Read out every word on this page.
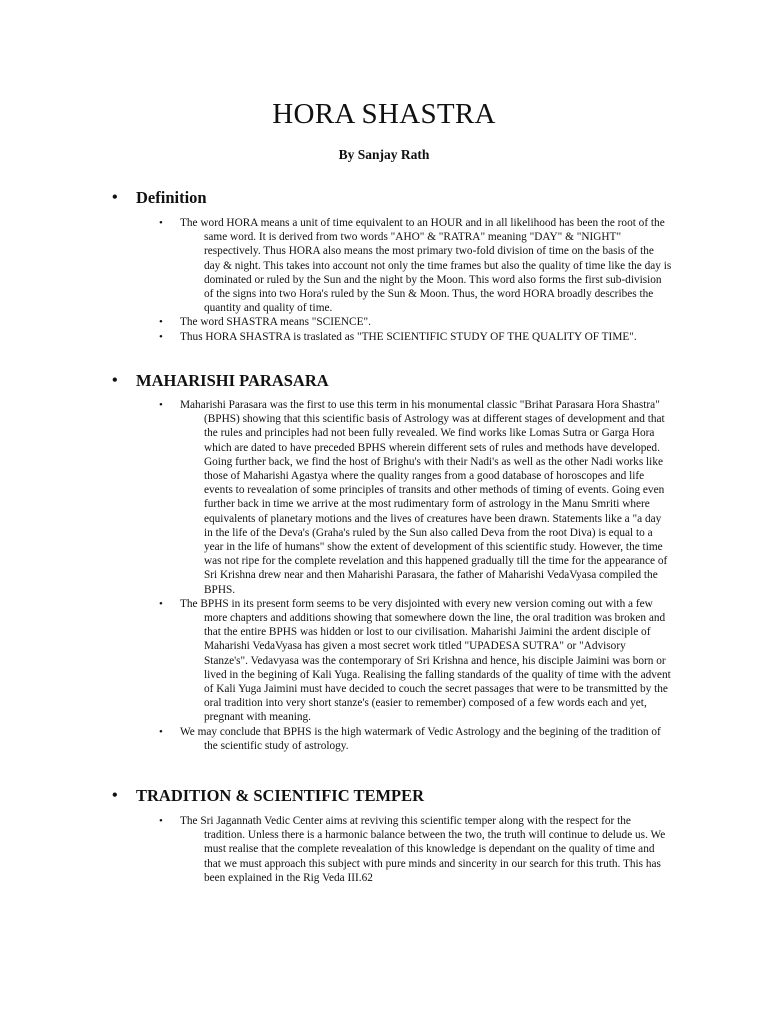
HORA SHASTRA

By Sanjay Rath

• Definition
• The word HORA means a unit of time equivalent to an HOUR and in all likelihood has been the root of the same word. It is derived from two words "AHO" & "RATRA" meaning "DAY" & "NIGHT" respectively. Thus HORA also means the most primary two-fold division of time on the basis of the day & night. This takes into account not only the time frames but also the quality of time like the day is dominated or ruled by the Sun and the night by the Moon. This word also forms the first sub-division of the signs into two Hora's ruled by the Sun & Moon. Thus, the word HORA broadly describes the quantity and quality of time.
• The word SHASTRA means "SCIENCE".
• Thus HORA SHASTRA is traslated as "THE SCIENTIFIC STUDY OF THE QUALITY OF TIME".
• MAHARISHI PARASARA
• Maharishi Parasara was the first to use this term in his monumental classic "Brihat Parasara Hora Shastra" (BPHS) showing that this scientific basis of Astrology was at different stages of development and that the rules and principles had not been fully revealed. We find works like Lomas Sutra or Garga Hora which are dated to have preceded BPHS wherein different sets of rules and methods have developed. Going further back, we find the host of Brighu's with their Nadi's as well as the other Nadi works like those of Maharishi Agastya where the quality ranges from a good database of horoscopes and life events to revealation of some principles of transits and other methods of timing of events. Going even further back in time we arrive at the most rudimentary form of astrology in the Manu Smriti where equivalents of planetary motions and the lives of creatures have been drawn. Statements like a "a day in the life of the Deva's (Graha's ruled by the Sun also called Deva from the root Diva) is equal to a year in the life of humans" show the extent of development of this scientific study. However, the time was not ripe for the complete revelation and this happened gradually till the time for the appearance of Sri Krishna drew near and then Maharishi Parasara, the father of Maharishi VedaVyasa compiled the BPHS.
• The BPHS in its present form seems to be very disjointed with every new version coming out with a few more chapters and additions showing that somewhere down the line, the oral tradition was broken and that the entire BPHS was hidden or lost to our civilisation. Maharishi Jaimini the ardent disciple of Maharishi VedaVyasa has given a most secret work titled "UPADESA SUTRA" or "Advisory Stanze's". Vedavyasa was the contemporary of Sri Krishna and hence, his disciple Jaimini was born or lived in the begining of Kali Yuga. Realising the falling standards of the quality of time with the advent of Kali Yuga Jaimini must have decided to couch the secret passages that were to be transmitted by the oral tradition into very short stanze's (easier to remember) composed of a few words each and yet, pregnant with meaning.
• We may conclude that BPHS is the high watermark of Vedic Astrology and the begining of the tradition of the scientific study of astrology.
• TRADITION & SCIENTIFIC TEMPER
• The Sri Jagannath Vedic Center aims at reviving this scientific temper along with the respect for the tradition. Unless there is a harmonic balance between the two, the truth will continue to delude us. We must realise that the complete revealation of this knowledge is dependant on the quality of time and that we must approach this subject with pure minds and sincerity in our search for this truth. This has been explained in the Rig Veda III.62
